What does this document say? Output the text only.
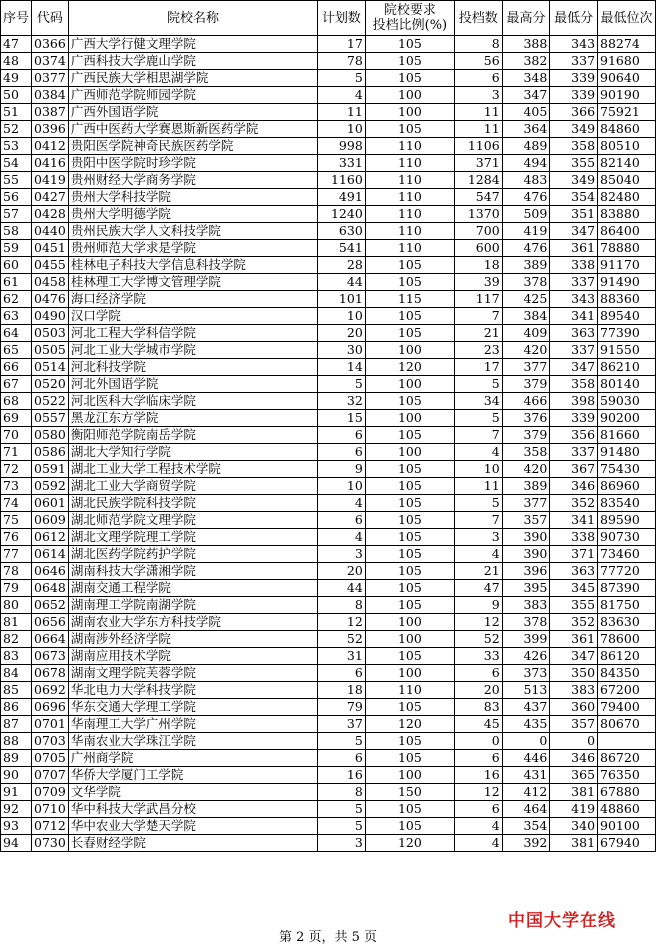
序号	代码	院校名称	计划数	院校要求
投档比例(%)	投档数	最高分	最低分	最低位次
47	0366	广西大学行健文理学院	17	105	8	388	343	88274
48	0374	广西科技大学鹿山学院	78	105	56	382	337	91680
49	0377	广西民族大学相思湖学院	5	105	6	348	339	90640
50	0384	广西师范学院师园学院	4	100	3	347	339	90190
51	0387	广西外国语学院	11	100	11	405	366	75921
52	0396	广西中医药大学赛恩斯新医药学院	10	105	11	364	349	84860
53	0412	贵阳医学院神奇民族医药学院	998	110	1106	489	358	80510
54	0416	贵阳中医学院时珍学院	331	110	371	494	355	82140
55	0419	贵州财经大学商务学院	1160	110	1284	483	349	85040
56	0427	贵州大学科技学院	491	110	547	476	354	82480
57	0428	贵州大学明德学院	1240	110	1370	509	351	83880
58	0440	贵州民族大学人文科技学院	630	110	700	419	347	86400
59	0451	贵州师范大学求是学院	541	110	600	476	361	78880
60	0455	桂林电子科技大学信息科技学院	28	105	18	389	338	91170
61	0458	桂林理工大学博文管理学院	44	105	39	378	337	91490
62	0476	海口经济学院	101	115	117	425	343	88360
63	0490	汉口学院	10	105	7	384	341	89540
64	0503	河北工程大学科信学院	20	105	21	409	363	77390
65	0505	河北工业大学城市学院	30	100	23	420	337	91550
66	0514	河北科技学院	14	120	17	377	347	86210
67	0520	河北外国语学院	5	100	5	379	358	80140
68	0522	河北医科大学临床学院	32	105	34	466	398	59030
69	0557	黑龙江东方学院	15	100	5	376	339	90200
70	0580	衡阳师范学院南岳学院	6	105	7	379	356	81660
71	0586	湖北大学知行学院	6	100	4	358	337	91480
72	0591	湖北工业大学工程技术学院	9	105	10	420	367	75430
73	0592	湖北工业大学商贸学院	10	105	11	389	346	86960
74	0601	湖北民族学院科技学院	4	105	5	377	352	83540
75	0609	湖北师范学院文理学院	6	105	7	357	341	89590
76	0612	湖北文理学院理工学院	4	105	3	390	338	90730
77	0614	湖北医药学院药护学院	3	105	4	390	371	73460
78	0646	湖南科技大学潇湘学院	20	105	21	396	363	77720
79	0648	湖南交通工程学院	44	105	47	395	345	87390
80	0652	湖南理工学院南湖学院	8	105	9	383	355	81750
81	0656	湖南农业大学东方科技学院	12	100	12	378	352	83630
82	0664	湖南涉外经济学院	52	100	52	399	361	78600
83	0673	湖南应用技术学院	31	105	33	426	347	86120
84	0678	湖南文理学院芙蓉学院	6	100	6	373	350	84350
85	0692	华北电力大学科技学院	18	110	20	513	383	67200
86	0696	华东交通大学理工学院	79	105	83	437	360	79400
87	0701	华南理工大学广州学院	37	120	45	435	357	80670
88	0703	华南农业大学珠江学院	5	105	0	0	0	
89	0705	广州商学院	6	105	6	446	346	86720
90	0707	华侨大学厦门工学院	16	100	16	431	365	76350
91	0709	文华学院	8	150	12	412	381	67880
92	0710	华中科技大学武昌分校	5	105	6	464	419	48860
93	0712	华中农业大学楚天学院	5	105	4	354	340	90100
94	0730	长春财经学院	3	120	4	392	381	67940
中国大学在线
第 2 页，共 5 页
